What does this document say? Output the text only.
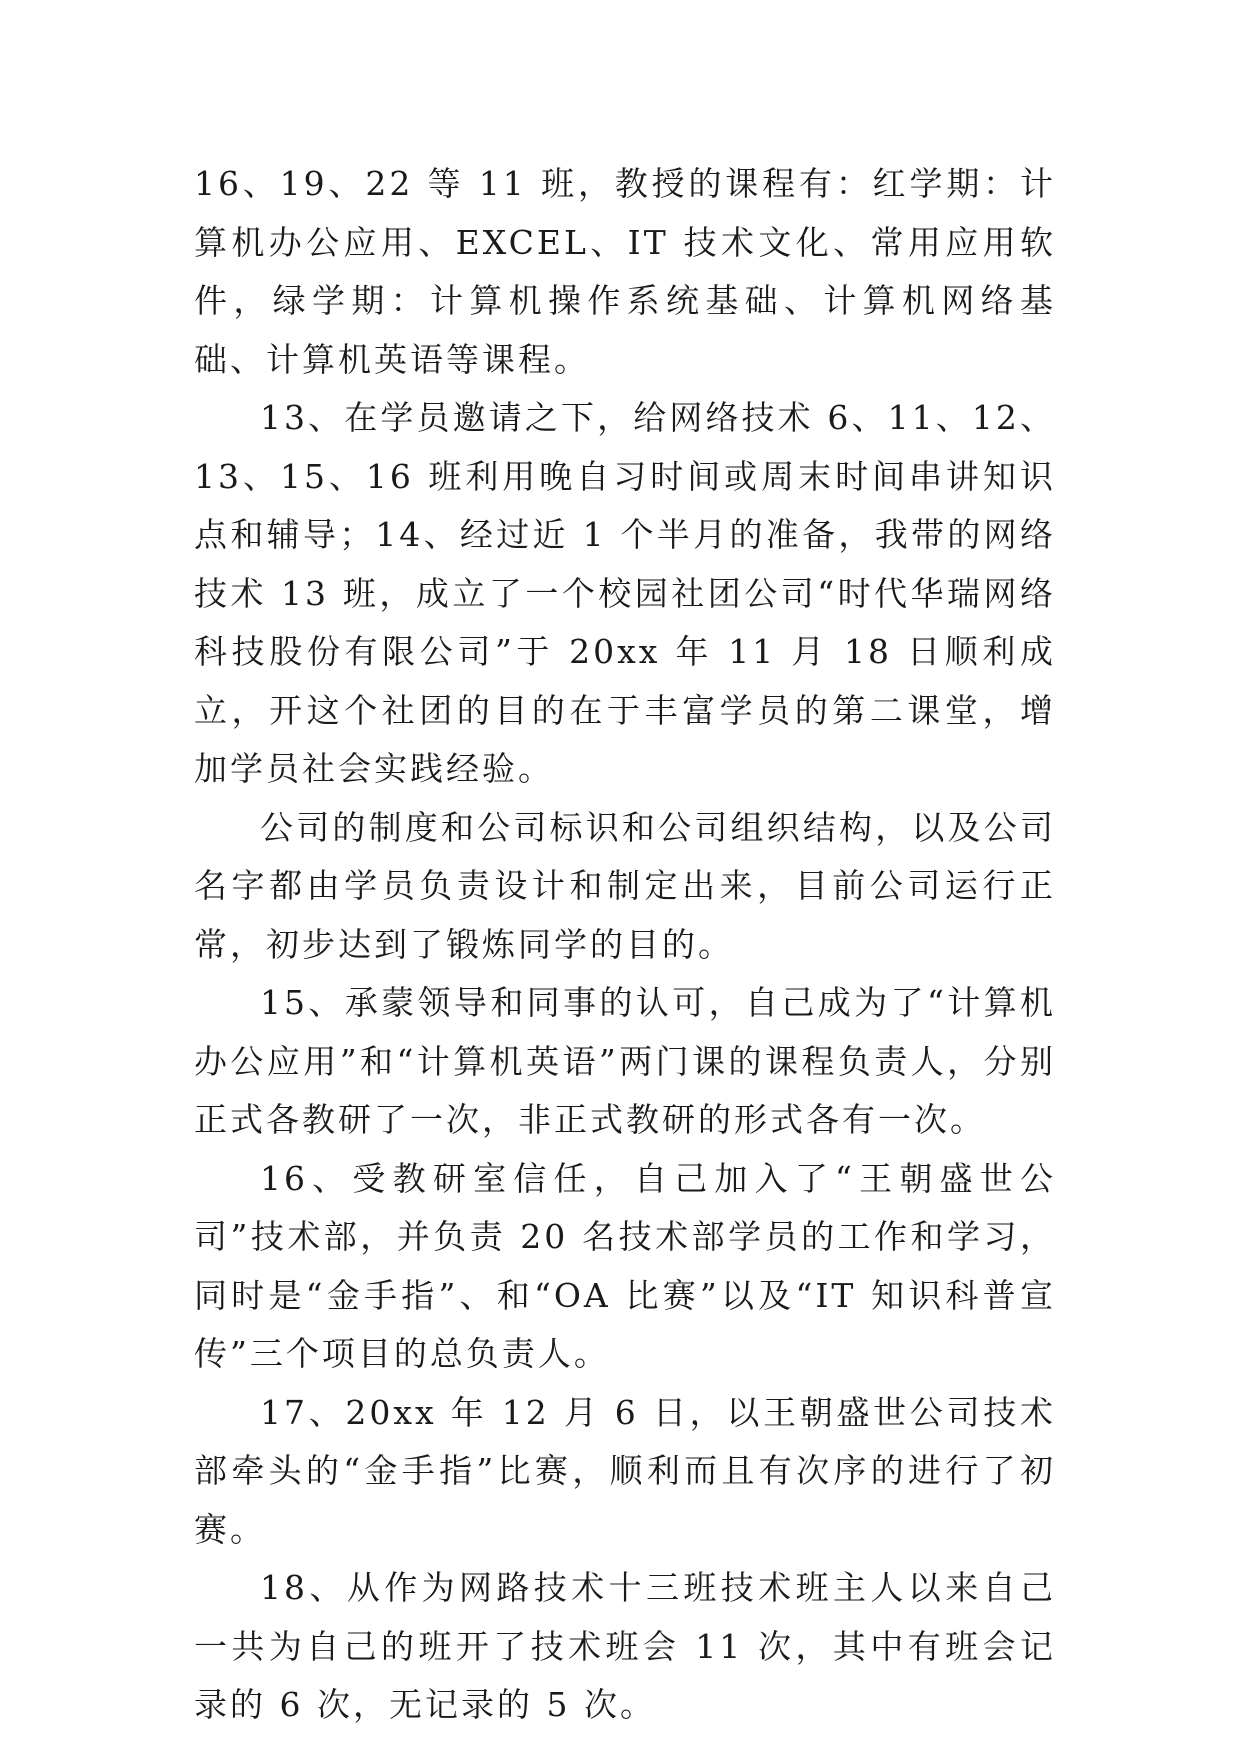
16、19、22 等 11 班，教授的课程有：红学期：计算机办公应用、EXCEL、IT 技术文化、常用应用软件，绿学期：计算机操作系统基础、计算机网络基础、计算机英语等课程。

13、在学员邀请之下，给网络技术 6、11、12、13、15、16 班利用晚自习时间或周末时间串讲知识点和辅导；14、经过近 1 个半月的准备，我带的网络技术 13 班，成立了一个校园社团公司“时代华瑞网络科技股份有限公司”于 20xx 年 11 月 18 日顺利成立，开这个社团的目的在于丰富学员的第二课堂，增加学员社会实践经验。

公司的制度和公司标识和公司组织结构，以及公司名字都由学员负责设计和制定出来，目前公司运行正常，初步达到了锻炼同学的目的。

15、承蒙领导和同事的认可，自己成为了“计算机办公应用”和“计算机英语”两门课的课程负责人，分别正式各教研了一次，非正式教研的形式各有一次。

16、受教研室信任，自己加入了“王朝盛世公司”技术部，并负责 20 名技术部学员的工作和学习，同时是“金手指”、和“OA 比赛”以及“IT 知识科普宣传”三个项目的总负责人。

17、20xx 年 12 月 6 日，以王朝盛世公司技术部牵头的“金手指”比赛，顺利而且有次序的进行了初赛。

18、从作为网路技术十三班技术班主人以来自己一共为自己的班开了技术班会 11 次，其中有班会记录的 6 次，无记录的 5 次。
